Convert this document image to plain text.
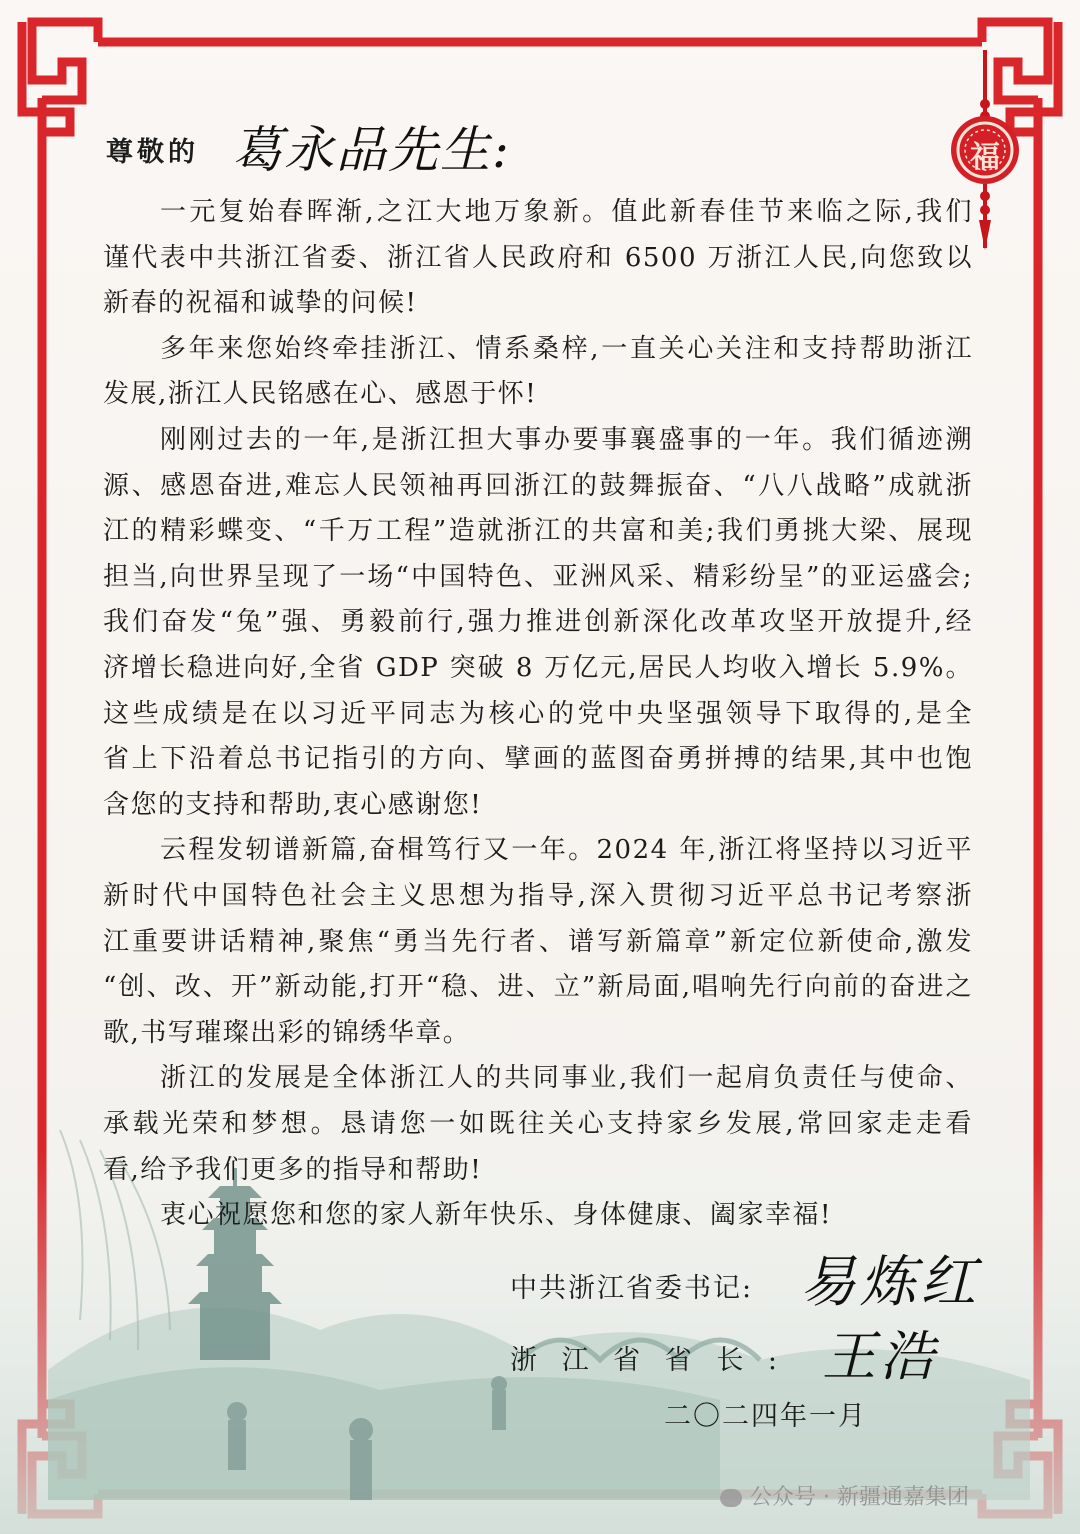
福
尊敬的 葛永品先生:
一元复始春晖渐,之江大地万象新。值此新春佳节来临之际,我们
谨代表中共浙江省委、浙江省人民政府和 6500 万浙江人民,向您致以
新春的祝福和诚挚的问候!
多年来您始终牵挂浙江、情系桑梓,一直关心关注和支持帮助浙江
发展,浙江人民铭感在心、感恩于怀!
刚刚过去的一年,是浙江担大事办要事襄盛事的一年。我们循迹溯
源、感恩奋进,难忘人民领袖再回浙江的鼓舞振奋、“八八战略”成就浙
江的精彩蝶变、“千万工程”造就浙江的共富和美;我们勇挑大梁、展现
担当,向世界呈现了一场“中国特色、亚洲风采、精彩纷呈”的亚运盛会;
我们奋发“兔”强、勇毅前行,强力推进创新深化改革攻坚开放提升,经
济增长稳进向好,全省 GDP 突破 8 万亿元,居民人均收入增长 5.9%。
这些成绩是在以习近平同志为核心的党中央坚强领导下取得的,是全
省上下沿着总书记指引的方向、擘画的蓝图奋勇拼搏的结果,其中也饱
含您的支持和帮助,衷心感谢您!
云程发轫谱新篇,奋楫笃行又一年。2024 年,浙江将坚持以习近平
新时代中国特色社会主义思想为指导,深入贯彻习近平总书记考察浙
江重要讲话精神,聚焦“勇当先行者、谱写新篇章”新定位新使命,激发
“创、改、开”新动能,打开“稳、进、立”新局面,唱响先行向前的奋进之
歌,书写璀璨出彩的锦绣华章。
浙江的发展是全体浙江人的共同事业,我们一起肩负责任与使命、
承载光荣和梦想。恳请您一如既往关心支持家乡发展,常回家走走看
看,给予我们更多的指导和帮助!
衷心祝愿您和您的家人新年快乐、身体健康、阖家幸福!
中共浙江省委书记: 易炼红
浙 江 省 省 长 : 王浩
二〇二四年一月
公众号 · 新疆通嘉集团
